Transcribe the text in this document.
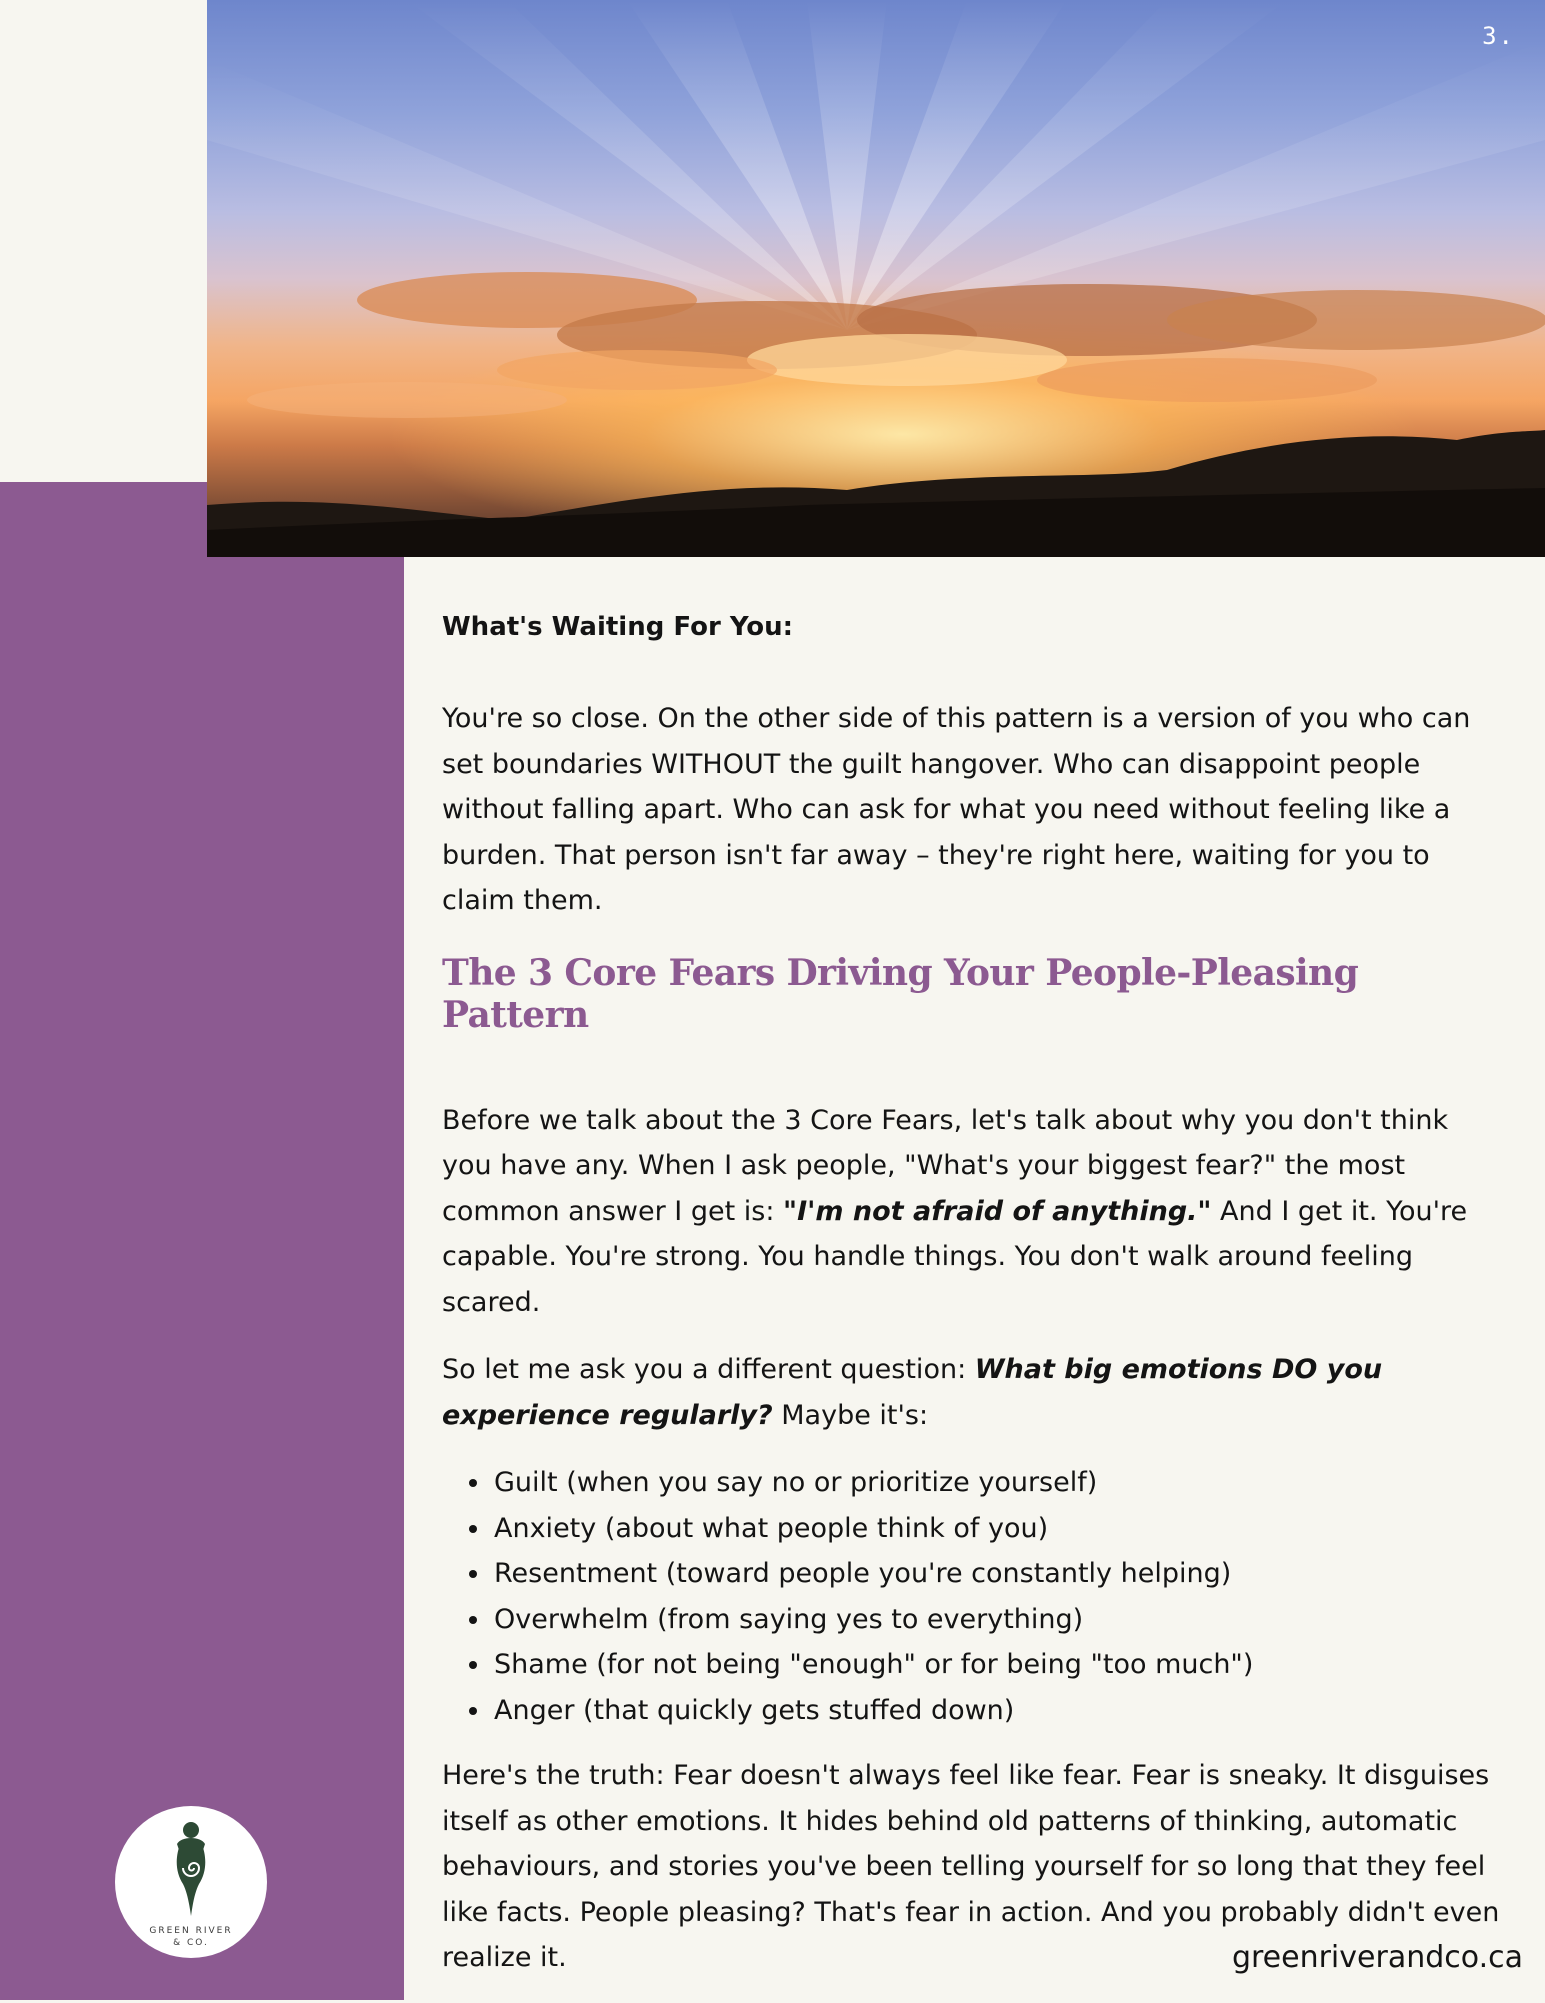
3.
What's Waiting For You:

You're so close. On the other side of this pattern is a version of you who can set boundaries WITHOUT the guilt hangover. Who can disappoint people without falling apart. Who can ask for what you need without feeling like a burden. That person isn't far away – they're right here, waiting for you to claim them.

The 3 Core Fears Driving Your People-Pleasing Pattern

Before we talk about the 3 Core Fears, let's talk about why you don't think you have any. When I ask people, "What's your biggest fear?" the most common answer I get is: "I'm not afraid of anything." And I get it. You're capable. You're strong. You handle things. You don't walk around feeling scared.

So let me ask you a different question: What big emotions DO you experience regularly? Maybe it's:

• Guilt (when you say no or prioritize yourself)
• Anxiety (about what people think of you)
• Resentment (toward people you're constantly helping)
• Overwhelm (from saying yes to everything)
• Shame (for not being "enough" or for being "too much")
• Anger (that quickly gets stuffed down)

Here's the truth: Fear doesn't always feel like fear. Fear is sneaky. It disguises itself as other emotions. It hides behind old patterns of thinking, automatic behaviours, and stories you've been telling yourself for so long that they feel like facts. People pleasing? That's fear in action. And you probably didn't even realize it.

GREEN RIVER
& CO.	greenriverandco.ca
